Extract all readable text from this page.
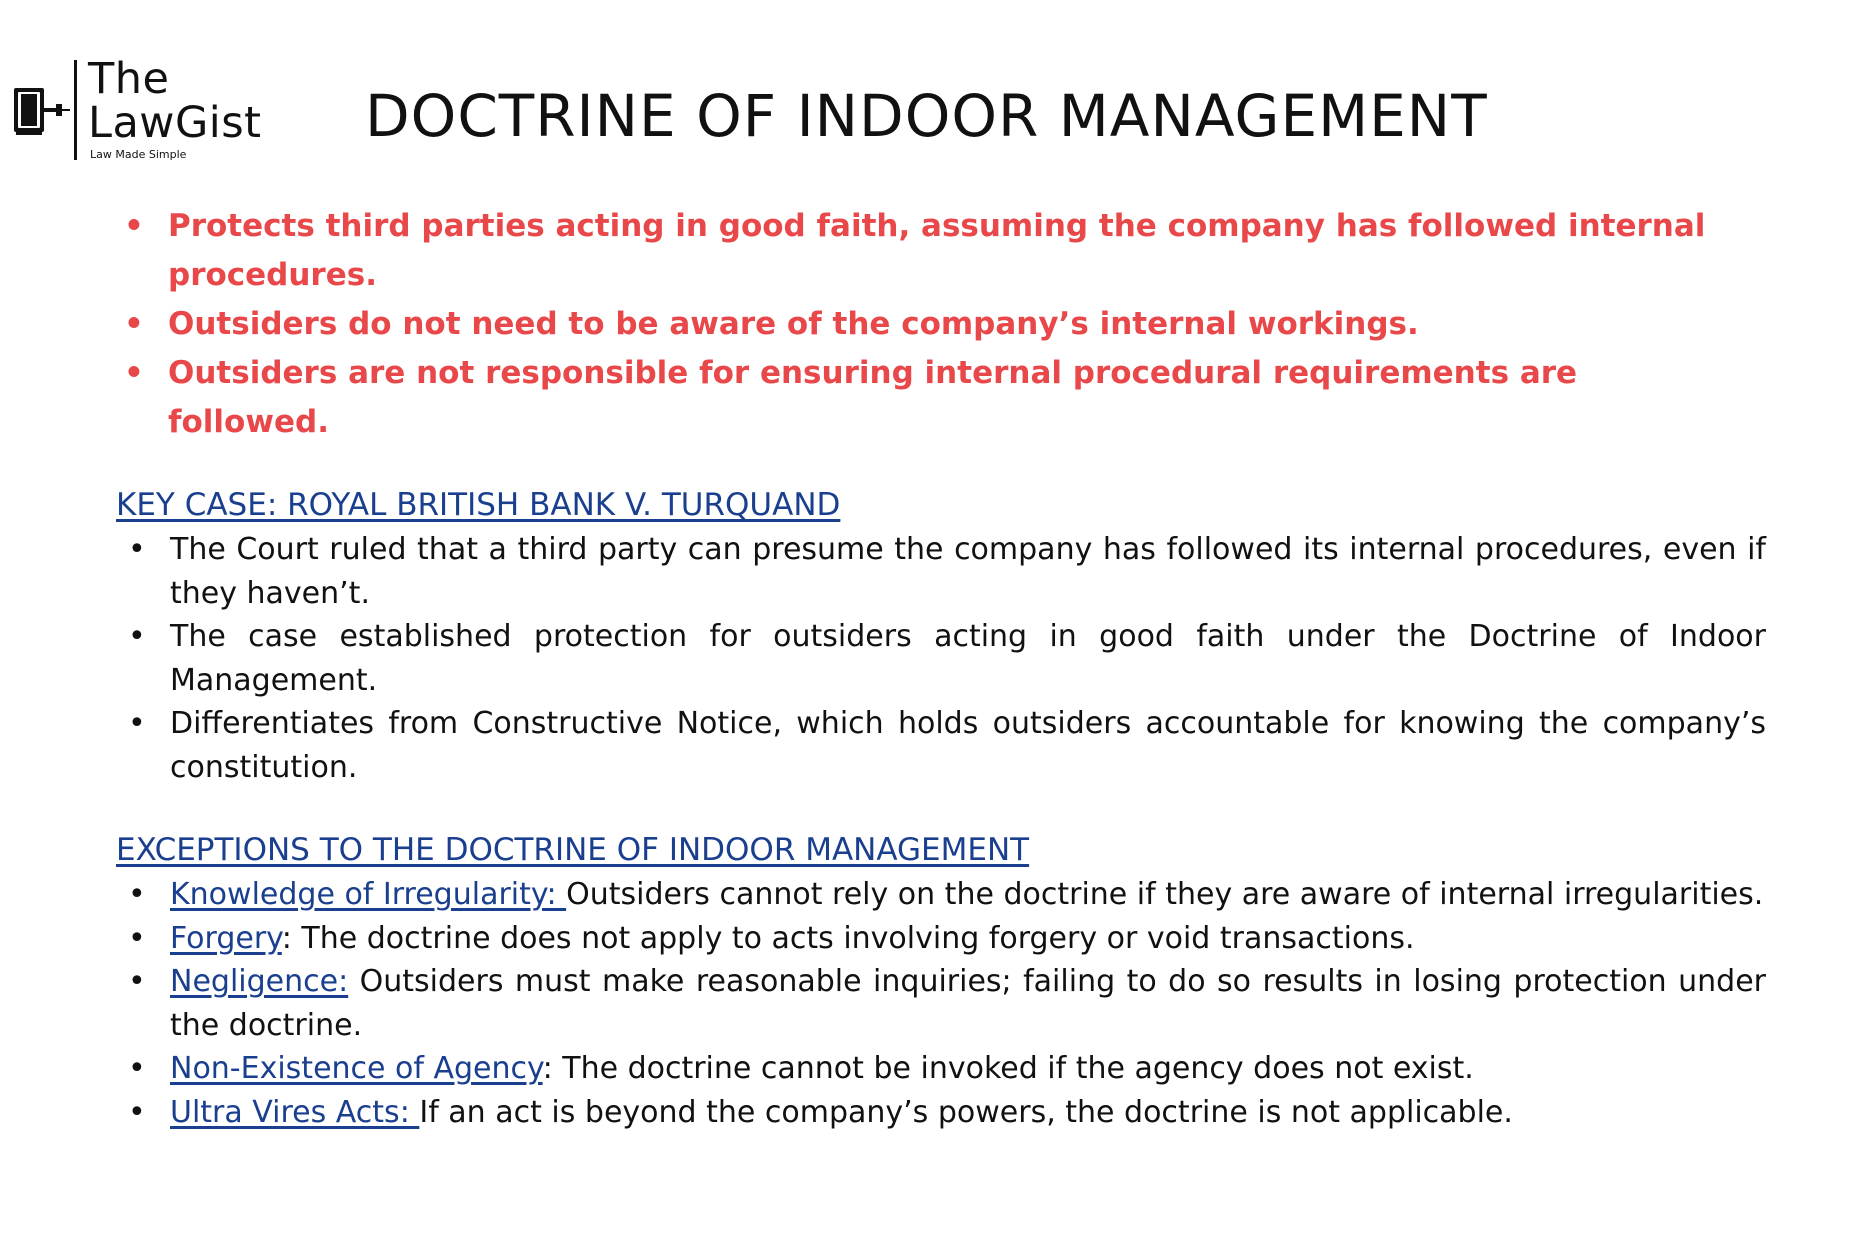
The
LawGist
Law Made Simple
DOCTRINE OF INDOOR MANAGEMENT
• Protects third parties acting in good faith, assuming the company has followed internal procedures.
• Outsiders do not need to be aware of the company’s internal workings.
• Outsiders are not responsible for ensuring internal procedural requirements are followed.
KEY CASE: ROYAL BRITISH BANK V. TURQUAND
• The Court ruled that a third party can presume the company has followed its internal procedures, even if they haven’t.
• The case established protection for outsiders acting in good faith under the Doctrine of Indoor Management.
• Differentiates from Constructive Notice, which holds outsiders accountable for knowing the company’s constitution.
EXCEPTIONS TO THE DOCTRINE OF INDOOR MANAGEMENT
• Knowledge of Irregularity: Outsiders cannot rely on the doctrine if they are aware of internal irregularities.
• Forgery: The doctrine does not apply to acts involving forgery or void transactions.
• Negligence: Outsiders must make reasonable inquiries; failing to do so results in losing protection under the doctrine.
• Non-Existence of Agency: The doctrine cannot be invoked if the agency does not exist.
• Ultra Vires Acts: If an act is beyond the company’s powers, the doctrine is not applicable.
